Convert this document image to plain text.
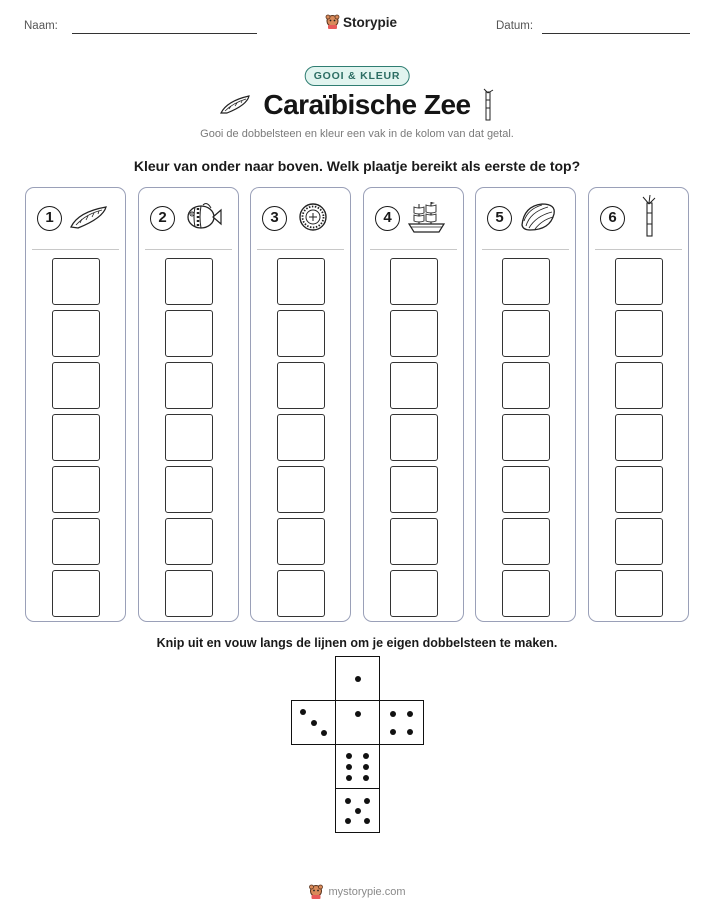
Naam:	Storypie	Datum:
GOOI & KLEUR
Caraïbische Zee
Gooi de dobbelsteen en kleur een vak in de kolom van dat getal.
Kleur van onder naar boven. Welk plaatje bereikt als eerste de top?
1	2	3	4	5	6
Knip uit en vouw langs de lijnen om je eigen dobbelsteen te maken.
mystorypie.com
